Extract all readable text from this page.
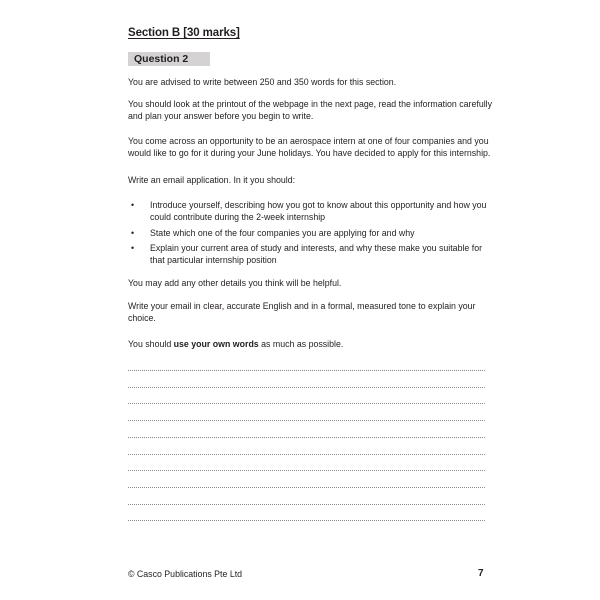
Section B [30 marks]
Question 2

You are advised to write between 250 and 350 words for this section.

You should look at the printout of the webpage in the next page, read the information carefully and plan your answer before you begin to write.

You come across an opportunity to be an aerospace intern at one of four companies and you would like to go for it during your June holidays. You have decided to apply for this internship.

Write an email application. In it you should:

• Introduce yourself, describing how you got to know about this opportunity and how you could contribute during the 2-week internship
• State which one of the four companies you are applying for and why
• Explain your current area of study and interests, and why these make you suitable for that particular internship position

You may add any other details you think will be helpful.

Write your email in clear, accurate English and in a formal, measured tone to explain your choice.

You should use your own words as much as possible.

© Casco Publications Pte Ltd	7
